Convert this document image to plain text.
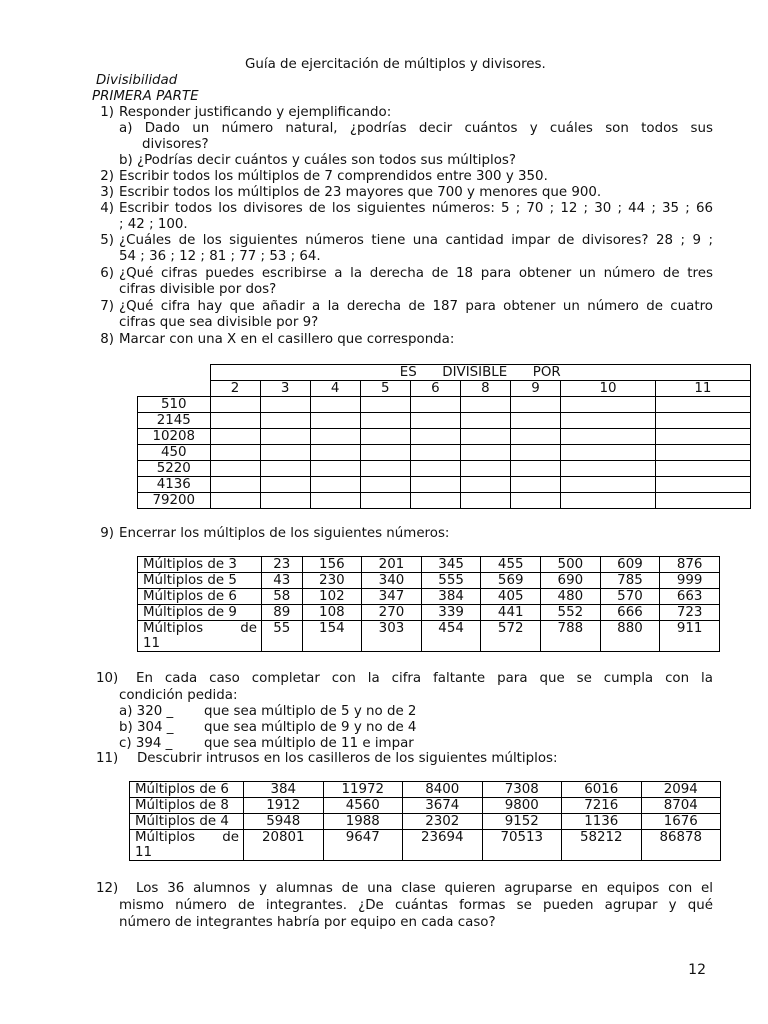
Guía de ejercitación de múltiplos y divisores.
Divisibilidad
PRIMERA PARTE
1) Responder justificando y ejemplificando:
a) Dado un número natural, ¿podrías decir cuántos y cuáles son todos sus
divisores?
b) ¿Podrías decir cuántos y cuáles son todos sus múltiplos?
2) Escribir todos los múltiplos de 7 comprendidos entre 300 y 350.
3) Escribir todos los múltiplos de 23 mayores que 700 y menores que 900.
4) Escribir todos los divisores de los siguientes números: 5 ; 70 ; 12 ; 30 ; 44 ; 35 ; 66
; 42 ; 100.
5) ¿Cuáles de los siguientes números tiene una cantidad impar de divisores? 28 ; 9 ;
54 ; 36 ; 12 ; 81 ; 77 ; 53 ; 64.
6) ¿Qué cifras puedes escribirse a la derecha de 18 para obtener un número de tres
cifras divisible por dos?
7) ¿Qué cifra hay que añadir a la derecha de 187 para obtener un número de cuatro
cifras que sea divisible por 9?
8) Marcar con una X en el casillero que corresponda:
	ES      DIVISIBLE      POR								
	2	3	4	5	6	8	9	10	11
510									
2145									
10208									
450									
5220									
4136									
79200									
9) Encerrar los múltiplos de los siguientes números:
Múltiplos de 3	23	156	201	345	455	500	609	876
Múltiplos de 5	43	230	340	555	569	690	785	999
Múltiplos de 6	58	102	347	384	405	480	570	663
Múltiplos de 9	89	108	270	339	441	552	666	723

Múltiplos de
11	55	154	303	454	572	788	880	911
10) En cada caso completar con la cifra faltante para que se cumpla con la
condición pedida:
a) 320 _ que sea múltiplo de 5 y no de 2
b) 304 _ que sea múltiplo de 9 y no de 4
c) 394 _ que sea múltiplo de 11 e impar
11) Descubrir intrusos en los casilleros de los siguientes múltiplos:
Múltiplos de 6	384	11972	8400	7308	6016	2094
Múltiplos de 8	1912	4560	3674	9800	7216	8704
Múltiplos de 4	5948	1988	2302	9152	1136	1676

Múltiplos de
11	20801	9647	23694	70513	58212	86878
12) Los 36 alumnos y alumnas de una clase quieren agruparse en equipos con el
mismo número de integrantes. ¿De cuántas formas se pueden agrupar y qué
número de integrantes habría por equipo en cada caso?
12
